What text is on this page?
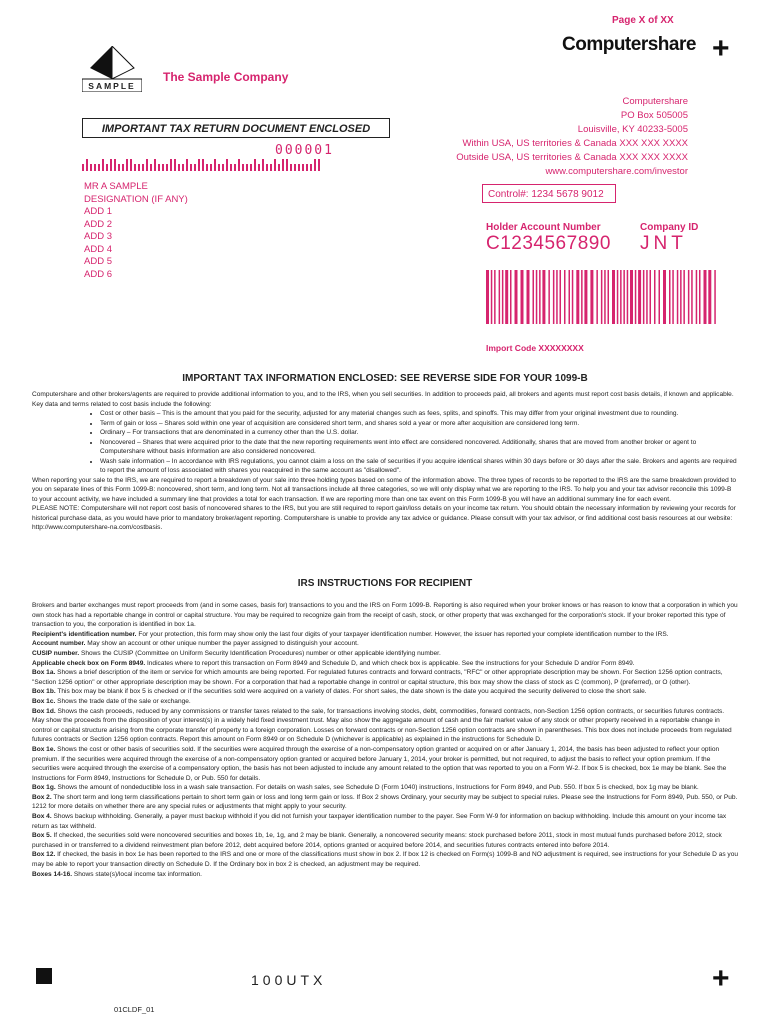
Page X of XX
Computershare +
SAMPLE
The Sample Company
Computershare
PO Box 505005
Louisville, KY 40233-5005
Within USA, US territories & Canada XXX XXX XXXX
Outside USA, US territories & Canada XXX XXX XXXX
www.computershare.com/investor
IMPORTANT TAX RETURN DOCUMENT ENCLOSED
000001
MR A SAMPLE
DESIGNATION (IF ANY)
ADD 1
ADD 2
ADD 3
ADD 4
ADD 5
ADD 6
Control#: 1234 5678 9012
Holder Account Number	Company ID
C1234567890 JNT
Import Code XXXXXXXX
IMPORTANT TAX INFORMATION ENCLOSED: SEE REVERSE SIDE FOR YOUR 1099-B

Computershare and other brokers/agents are required to provide additional information to you, and to the IRS, when you sell securities. In addition to proceeds paid, all brokers and agents must report cost basis details, if known and applicable. Key data and terms related to cost basis include the following:

• Cost or other basis – This is the amount that you paid for the security, adjusted for any material changes such as fees, splits, and spinoffs. This may differ from your original investment due to rounding.
• Term of gain or loss – Shares sold within one year of acquisition are considered short term, and shares sold a year or more after acquisition are considered long term.
• Ordinary – For transactions that are denominated in a currency other than the U.S. dollar.
• Noncovered – Shares that were acquired prior to the date that the new reporting requirements went into effect are considered noncovered. Additionally, shares that are moved from another broker or agent to Computershare without basis information are also considered noncovered.
• Wash sale information – In accordance with IRS regulations, you cannot claim a loss on the sale of securities if you acquire identical shares within 30 days before or 30 days after the sale. Brokers and agents are required to report the amount of loss associated with shares you reacquired in the same account as "disallowed".

When reporting your sale to the IRS, we are required to report a breakdown of your sale into three holding types based on some of the information above. The three types of records to be reported to the IRS are the same breakdown provided to you on separate lines of this Form 1099-B: noncovered, short term, and long term. Not all transactions include all three categories, so we will only display what we are reporting to the IRS. To help you and your tax advisor reconcile this 1099-B to your account activity, we have included a summary line that provides a total for each transaction. If we are reporting more than one tax event on this Form 1099-B you will have an additional summary line for each event.

PLEASE NOTE: Computershare will not report cost basis of noncovered shares to the IRS, but you are still required to report gain/loss details on your income tax return. You should obtain the necessary information by reviewing your records for historical purchase data, as you would have prior to mandatory broker/agent reporting. Computershare is unable to provide any tax advice or guidance. Please consult with your tax advisor, or find additional cost basis resources at our website: http://www.computershare-na.com/costbasis.

IRS INSTRUCTIONS FOR RECIPIENT

Brokers and barter exchanges must report proceeds from (and in some cases, basis for) transactions to you and the IRS on Form 1099-B. Reporting is also required when your broker knows or has reason to know that a corporation in which you own stock has had a reportable change in control or capital structure. You may be required to recognize gain from the receipt of cash, stock, or other property that was exchanged for the corporation's stock. If your broker reported this type of transaction to you, the corporation is identified in box 1a.

Recipient's identification number. For your protection, this form may show only the last four digits of your taxpayer identification number. However, the issuer has reported your complete identification number to the IRS.

Account number. May show an account or other unique number the payer assigned to distinguish your account.

CUSIP number. Shows the CUSIP (Committee on Uniform Security Identification Procedures) number or other applicable identifying number.

Applicable check box on Form 8949. Indicates where to report this transaction on Form 8949 and Schedule D, and which check box is applicable. See the instructions for your Schedule D and/or Form 8949.

Box 1a. Shows a brief description of the item or service for which amounts are being reported. For regulated futures contracts and forward contracts, "RFC" or other appropriate description may be shown. For Section 1256 option contracts, "Section 1256 option" or other appropriate description may be shown. For a corporation that had a reportable change in control or capital structure, this box may show the class of stock as C (common), P (preferred), or O (other).

Box 1b. This box may be blank if box 5 is checked or if the securities sold were acquired on a variety of dates. For short sales, the date shown is the date you acquired the security delivered to close the short sale.

Box 1c. Shows the trade date of the sale or exchange.

Box 1d. Shows the cash proceeds, reduced by any commissions or transfer taxes related to the sale, for transactions involving stocks, debt, commodities, forward contracts, non-Section 1256 option contracts, or securities futures contracts. May show the proceeds from the disposition of your interest(s) in a widely held fixed investment trust. May also show the aggregate amount of cash and the fair market value of any stock or other property received in a reportable change in control or capital structure arising from the corporate transfer of property to a foreign corporation. Losses on forward contracts or non-Section 1256 option contracts are shown in parentheses. This box does not include proceeds from regulated futures contracts or Section 1256 option contracts. Report this amount on Form 8949 or on Schedule D (whichever is applicable) as explained in the instructions for Schedule D.

Box 1e. Shows the cost or other basis of securities sold. If the securities were acquired through the exercise of a non-compensatory option granted or acquired on or after January 1, 2014, the basis has been adjusted to reflect your option premium. If the securities were acquired through the exercise of a non-compensatory option granted or acquired before January 1, 2014, your broker is permitted, but not required, to adjust the basis to reflect your option premium. If the securities were acquired through the exercise of a compensatory option, the basis has not been adjusted to include any amount related to the option that was reported to you on a Form W-2. If box 5 is checked, box 1e may be blank. See the Instructions for Form 8949, Instructions for Schedule D, or Pub. 550 for details.

Box 1g. Shows the amount of nondeductible loss in a wash sale transaction. For details on wash sales, see Schedule D (Form 1040) instructions, Instructions for Form 8949, and Pub. 550. If box 5 is checked, box 1g may be blank.

Box 2. The short term and long term classifications pertain to short term gain or loss and long term gain or loss. If Box 2 shows Ordinary, your security may be subject to special rules. Please see the Instructions for Form 8949, Pub. 550, or Pub. 1212 for more details on whether there are any special rules or adjustments that might apply to your security.

Box 4. Shows backup withholding. Generally, a payer must backup withhold if you did not furnish your taxpayer identification number to the payer. See Form W-9 for information on backup withholding. Include this amount on your income tax return as tax withheld.

Box 5. If checked, the securities sold were noncovered securities and boxes 1b, 1e, 1g, and 2 may be blank. Generally, a noncovered security means: stock purchased before 2011, stock in most mutual funds purchased before 2012, stock purchased in or transferred to a dividend reinvestment plan before 2012, debt acquired before 2014, options granted or acquired before 2014, and securities futures contracts entered into before 2014.

Box 12. If checked, the basis in box 1e has been reported to the IRS and one or more of the classifications must show in box 2. If box 12 is checked on Form(s) 1099-B and NO adjustment is required, see instructions for your Schedule D as you may be able to report your transaction directly on Schedule D. If the Ordinary box in box 2 is checked, an adjustment may be required.

Boxes 14-16. Shows state(s)/local income tax information.

100UTX	+
01CLDF_01
